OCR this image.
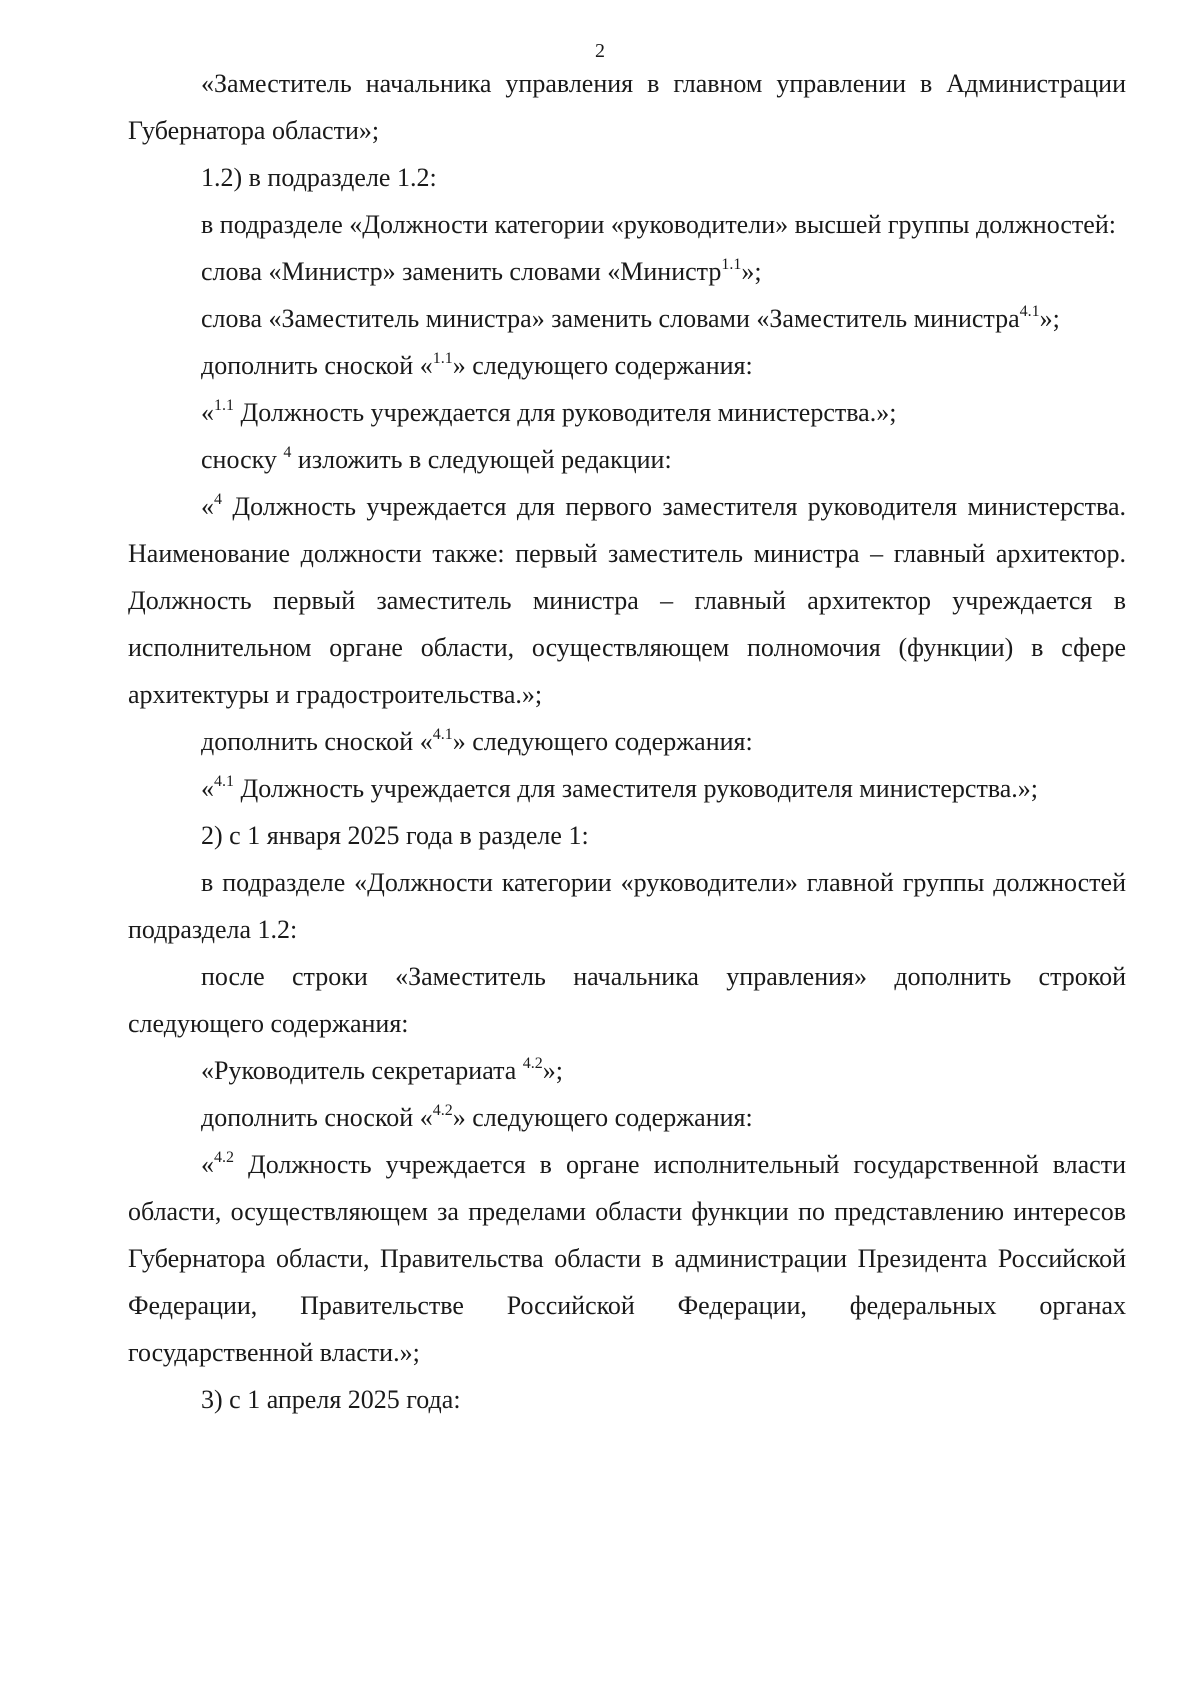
2

«Заместитель начальника управления в главном управлении в Администрации Губернатора области»;

1.2) в подразделе 1.2:

в подразделе «Должности категории «руководители» высшей группы должностей:

слова «Министр» заменить словами «Министр$^{1.1}$»;

слова «Заместитель министра» заменить словами «Заместитель министра$^{4.1}$»;

дополнить сноской «$^{1.1}$» следующего содержания:

«$^{1.1}$ Должность учреждается для руководителя министерства.»;

сноску $^4$ изложить в следующей редакции:

«$^4$ Должность учреждается для первого заместителя руководителя министерства. Наименование должности также: первый заместитель министра – главный архитектор. Должность первый заместитель министра – главный архитектор учреждается в исполнительном органе области, осуществляющем полномочия (функции) в сфере архитектуры и градостроительства.»;

дополнить сноской «$^{4.1}$» следующего содержания:

«$^{4.1}$ Должность учреждается для заместителя руководителя министерства.»;

2) с 1 января 2025 года в разделе 1:

в подразделе «Должности категории «руководители» главной группы должностей подраздела 1.2:

после строки «Заместитель начальника управления» дополнить строкой следующего содержания:

«Руководитель секретариата $^{4.2}$»;

дополнить сноской «$^{4.2}$» следующего содержания:

«$^{4.2}$ Должность учреждается в органе исполнительный государственной власти области, осуществляющем за пределами области функции по представлению интересов Губернатора области, Правительства области в администрации Президента Российской Федерации, Правительстве Российской Федерации, федеральных органах государственной власти.»;

3) с 1 апреля 2025 года:
